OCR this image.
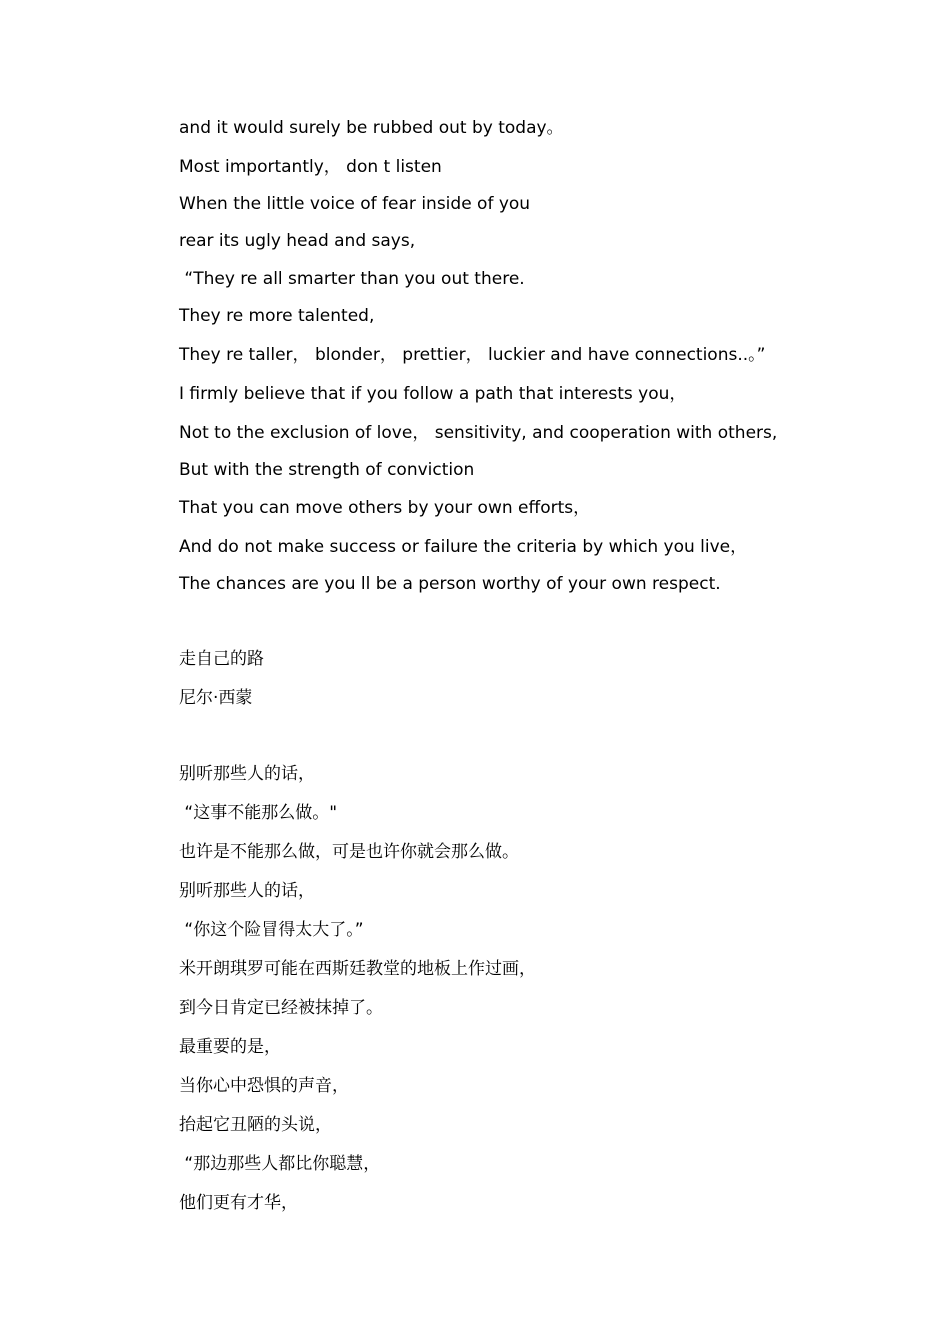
and it would surely be rubbed out by today。

Most importantly， don t listen

When the little voice of fear inside of you

rear its ugly head and says,

“They re all smarter than you out there.

They re more talented,

They re taller， blonder， prettier， luckier and have connections..。”

I firmly believe that if you follow a path that interests you，

Not to the exclusion of love， sensitivity, and cooperation with others,

But with the strength of conviction

That you can move others by your own efforts，

And do not make success or failure the criteria by which you live，

The chances are you ll be a person worthy of your own respect.

走自己的路

尼尔·西蒙

别听那些人的话，

“这事不能那么做。"

也许是不能那么做，可是也许你就会那么做。

别听那些人的话，

“你这个险冒得太大了。”

米开朗琪罗可能在西斯廷教堂的地板上作过画，

到今日肯定已经被抹掉了。

最重要的是，

当你心中恐惧的声音，

抬起它丑陋的头说，

“那边那些人都比你聪慧，

他们更有才华，
